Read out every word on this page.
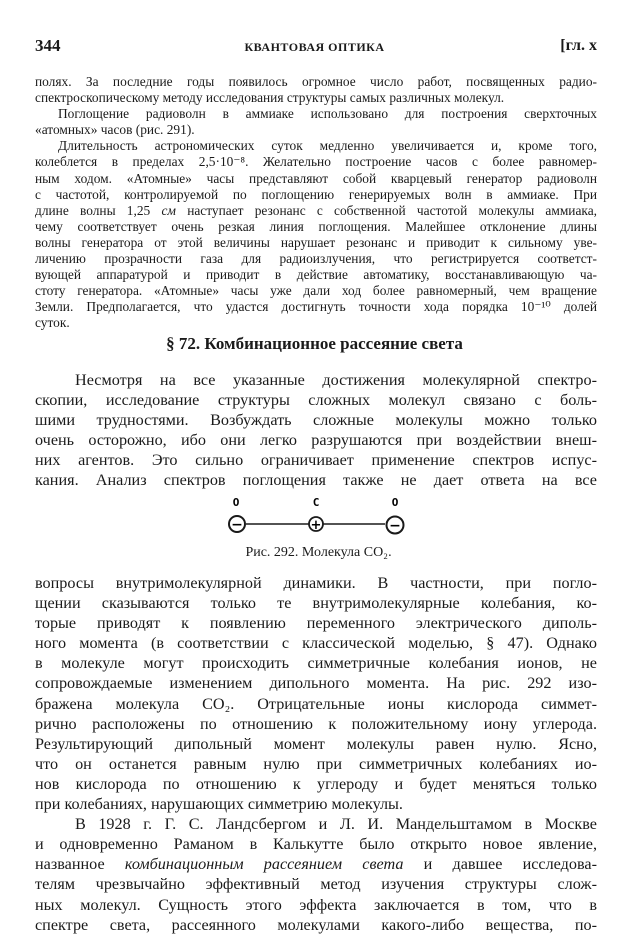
344	КВАНТОВАЯ ОПТИКА	[гл. x
полях. За последние годы появилось огромное число работ, посвященных радио-
спектроскопическому методу исследования структуры самых различных молекул.
Поглощение радиоволн в аммиаке использовано для построения сверхточных
«атомных» часов (рис. 291).
Длительность астрономических суток медленно увеличивается и, кроме того,
колеблется в пределах 2,5·10⁻⁸. Желательно построение часов с более равномер-
ным ходом. «Атомные» часы представляют собой кварцевый генератор радиоволн
с частотой, контролируемой по поглощению генерируемых волн в аммиаке. При
длине волны 1,25 см наступает резонанс с собственной частотой молекулы аммиака,
чему соответствует очень резкая линия поглощения. Малейшее отклонение длины
волны генератора от этой величины нарушает резонанс и приводит к сильному уве-
личению прозрачности газа для радиоизлучения, что регистрируется соответст-
вующей аппаратурой и приводит в действие автоматику, восстанавливающую ча-
стоту генератора. «Атомные» часы уже дали ход более равномерный, чем вращение
Земли. Предполагается, что удастся достигнуть точности хода порядка 10⁻¹⁰ долей
суток.
§ 72. Комбинационное рассеяние света
Несмотря на все указанные достижения молекулярной спектро-
скопии, исследование структуры сложных молекул связано с боль-
шими трудностями. Возбуждать сложные молекулы можно только
очень осторожно, ибо они легко разрушаются при воздействии внеш-
них агентов. Это сильно ограничивает применение спектров испус-
кания. Анализ спектров поглощения также не дает ответа на все
O
−
C
+
O
−
Рис. 292. Молекула CO₂.
вопросы внутримолекулярной динамики. В частности, при погло-
щении сказываются только те внутримолекулярные колебания, ко-
торые приводят к появлению переменного электрического диполь-
ного момента (в соответствии с классической моделью, § 47). Однако
в молекуле могут происходить симметричные колебания ионов, не
сопровождаемые изменением дипольного момента. На рис. 292 изо-
бражена молекула CO₂. Отрицательные ионы кислорода симмет-
рично расположены по отношению к положительному иону углерода.
Результирующий дипольный момент молекулы равен нулю. Ясно,
что он останется равным нулю при симметричных колебаниях ио-
нов кислорода по отношению к углероду и будет меняться только
при колебаниях, нарушающих симметрию молекулы.
В 1928 г. Г. С. Ландсбергом и Л. И. Мандельштамом в Москве
и одновременно Раманом в Калькутте было открыто новое явление,
названное комбинационным рассеянием света и давшее исследова-
телям чрезвычайно эффективный метод изучения структуры слож-
ных молекул. Сущность этого эффекта заключается в том, что в
спектре света, рассеянного молекулами какого-либо вещества, по-
